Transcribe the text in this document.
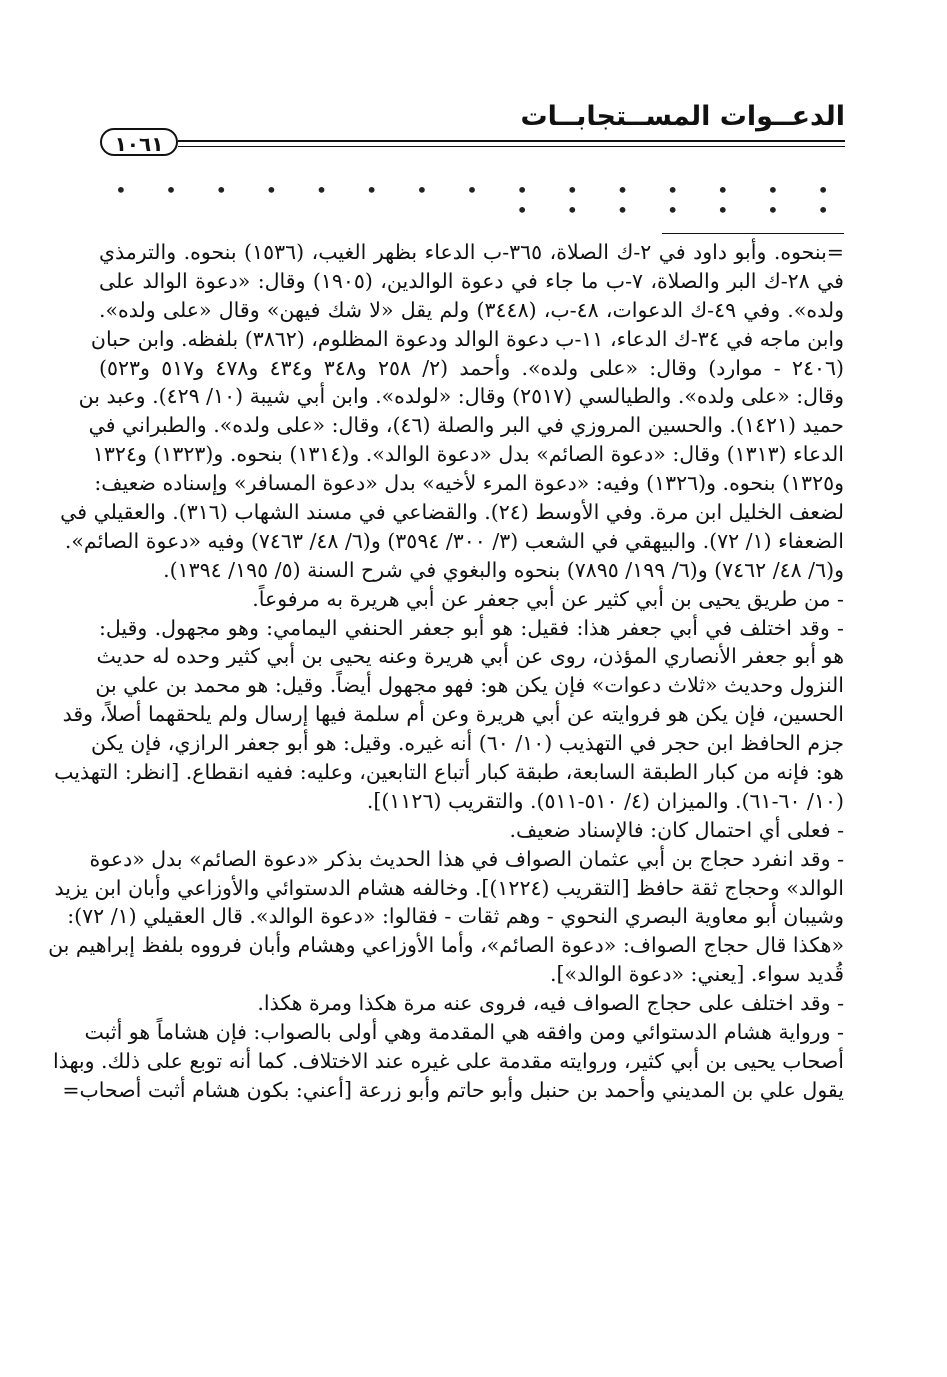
الدعــوات المســتجابــات
١٠٦١
• • • • • • • • • • • • • • • • • • • • • •
=بنحوه. وأبو داود في ٢-ك الصلاة، ٣٦٥-ب الدعاء بظهر الغيب، (١٥٣٦) بنحوه. والترمذي
في ٢٨-ك البر والصلاة، ٧-ب ما جاء في دعوة الوالدين، (١٩٠٥) وقال: «دعوة الوالد على
ولده». وفي ٤٩-ك الدعوات، ٤٨-ب، (٣٤٤٨) ولم يقل «لا شك فيهن» وقال «على ولده».
وابن ماجه في ٣٤-ك الدعاء، ١١-ب دعوة الوالد ودعوة المظلوم، (٣٨٦٢) بلفظه. وابن حبان
(٢٤٠٦ - موارد) وقال: «على ولده». وأحمد (٢/ ٢٥٨ و٣٤٨ و٤٣٤ و٤٧٨ و٥١٧ و٥٢٣)
وقال: «على ولده». والطيالسي (٢٥١٧) وقال: «لولده». وابن أبي شيبة (١٠/ ٤٢٩). وعبد بن
حميد (١٤٢١). والحسين المروزي في البر والصلة (٤٦)، وقال: «على ولده». والطبراني في
الدعاء (١٣١٣) وقال: «دعوة الصائم» بدل «دعوة الوالد». و(١٣١٤) بنحوه. و(١٣٢٣) و١٣٢٤
و١٣٢٥) بنحوه. و(١٣٢٦) وفيه: «دعوة المرء لأخيه» بدل «دعوة المسافر» وإسناده ضعيف:
لضعف الخليل ابن مرة. وفي الأوسط (٢٤). والقضاعي في مسند الشهاب (٣١٦). والعقيلي في
الضعفاء (١/ ٧٢). والبيهقي في الشعب (٣/ ٣٠٠/ ٣٥٩٤) و(٦/ ٤٨/ ٧٤٦٣) وفيه «دعوة الصائم».
و(٦/ ٤٨/ ٧٤٦٢) و(٦/ ١٩٩/ ٧٨٩٥) بنحوه والبغوي في شرح السنة (٥/ ١٩٥/ ١٣٩٤).
- من طريق يحيى بن أبي كثير عن أبي جعفر عن أبي هريرة به مرفوعاً.
- وقد اختلف في أبي جعفر هذا: فقيل: هو أبو جعفر الحنفي اليمامي: وهو مجهول. وقيل:
هو أبو جعفر الأنصاري المؤذن، روى عن أبي هريرة وعنه يحيى بن أبي كثير وحده له حديث
النزول وحديث «ثلاث دعوات» فإن يكن هو: فهو مجهول أيضاً. وقيل: هو محمد بن علي بن
الحسين، فإن يكن هو فروايته عن أبي هريرة وعن أم سلمة فيها إرسال ولم يلحقهما أصلاً، وقد
جزم الحافظ ابن حجر في التهذيب (١٠/ ٦٠) أنه غيره. وقيل: هو أبو جعفر الرازي، فإن يكن
هو: فإنه من كبار الطبقة السابعة، طبقة كبار أتباع التابعين، وعليه: ففيه انقطاع. [انظر: التهذيب
(١٠/ ٦٠-٦١). والميزان (٤/ ٥١٠-٥١١). والتقريب (١١٢٦)].
- فعلى أي احتمال كان: فالإسناد ضعيف.
- وقد انفرد حجاج بن أبي عثمان الصواف في هذا الحديث بذكر «دعوة الصائم» بدل «دعوة
الوالد» وحجاج ثقة حافظ [التقريب (١٢٢٤)]. وخالفه هشام الدستوائي والأوزاعي وأبان ابن يزيد
وشيبان أبو معاوية البصري النحوي - وهم ثقات - فقالوا: «دعوة الوالد». قال العقيلي (١/ ٧٢):
«هكذا قال حجاج الصواف: «دعوة الصائم»، وأما الأوزاعي وهشام وأبان فرووه بلفظ إبراهيم بن
قُديد سواء. [يعني: «دعوة الوالد»].
- وقد اختلف على حجاج الصواف فيه، فروى عنه مرة هكذا ومرة هكذا.
- ورواية هشام الدستوائي ومن وافقه هي المقدمة وهي أولى بالصواب: فإن هشاماً هو أثبت
أصحاب يحيى بن أبي كثير، وروايته مقدمة على غيره عند الاختلاف. كما أنه توبع على ذلك. وبهذا
يقول علي بن المديني وأحمد بن حنبل وأبو حاتم وأبو زرعة [أعني: بكون هشام أثبت أصحاب=
